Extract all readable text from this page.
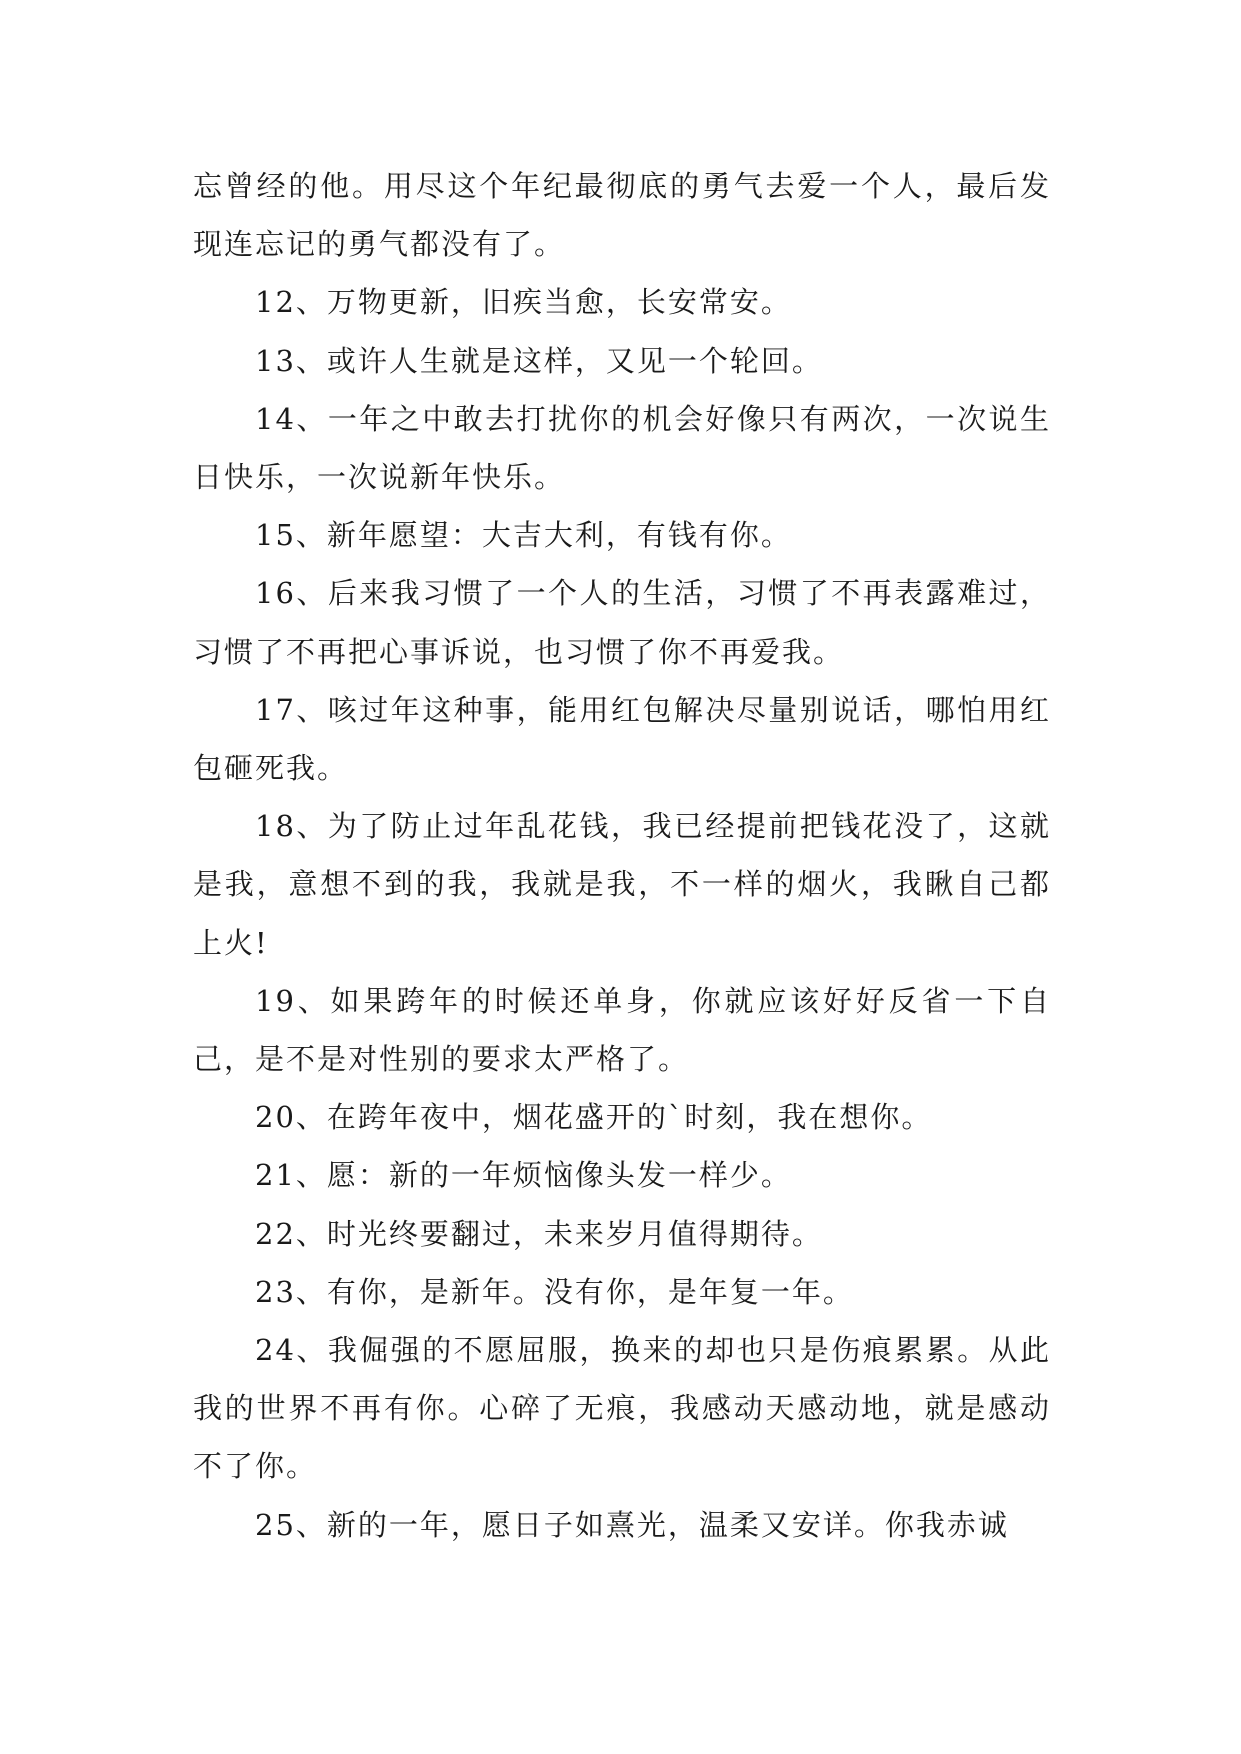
忘曾经的他。用尽这个年纪最彻底的勇气去爱一个人，最后发现连忘记的勇气都没有了。

12、万物更新，旧疾当愈，长安常安。

13、或许人生就是这样，又见一个轮回。

14、一年之中敢去打扰你的机会好像只有两次，一次说生日快乐，一次说新年快乐。

15、新年愿望：大吉大利，有钱有你。

16、后来我习惯了一个人的生活，习惯了不再表露难过，习惯了不再把心事诉说，也习惯了你不再爱我。

17、咳过年这种事，能用红包解决尽量别说话，哪怕用红包砸死我。

18、为了防止过年乱花钱，我已经提前把钱花没了，这就是我，意想不到的我，我就是我，不一样的烟火，我瞅自己都上火!

19、如果跨年的时候还单身，你就应该好好反省一下自己，是不是对性别的要求太严格了。

20、在跨年夜中，烟花盛开的`时刻，我在想你。

21、愿：新的一年烦恼像头发一样少。

22、时光终要翻过，未来岁月值得期待。

23、有你，是新年。没有你，是年复一年。

24、我倔强的不愿屈服，换来的却也只是伤痕累累。从此我的世界不再有你。心碎了无痕，我感动天感动地，就是感动不了你。

25、新的一年，愿日子如熹光，温柔又安详。你我赤诚
